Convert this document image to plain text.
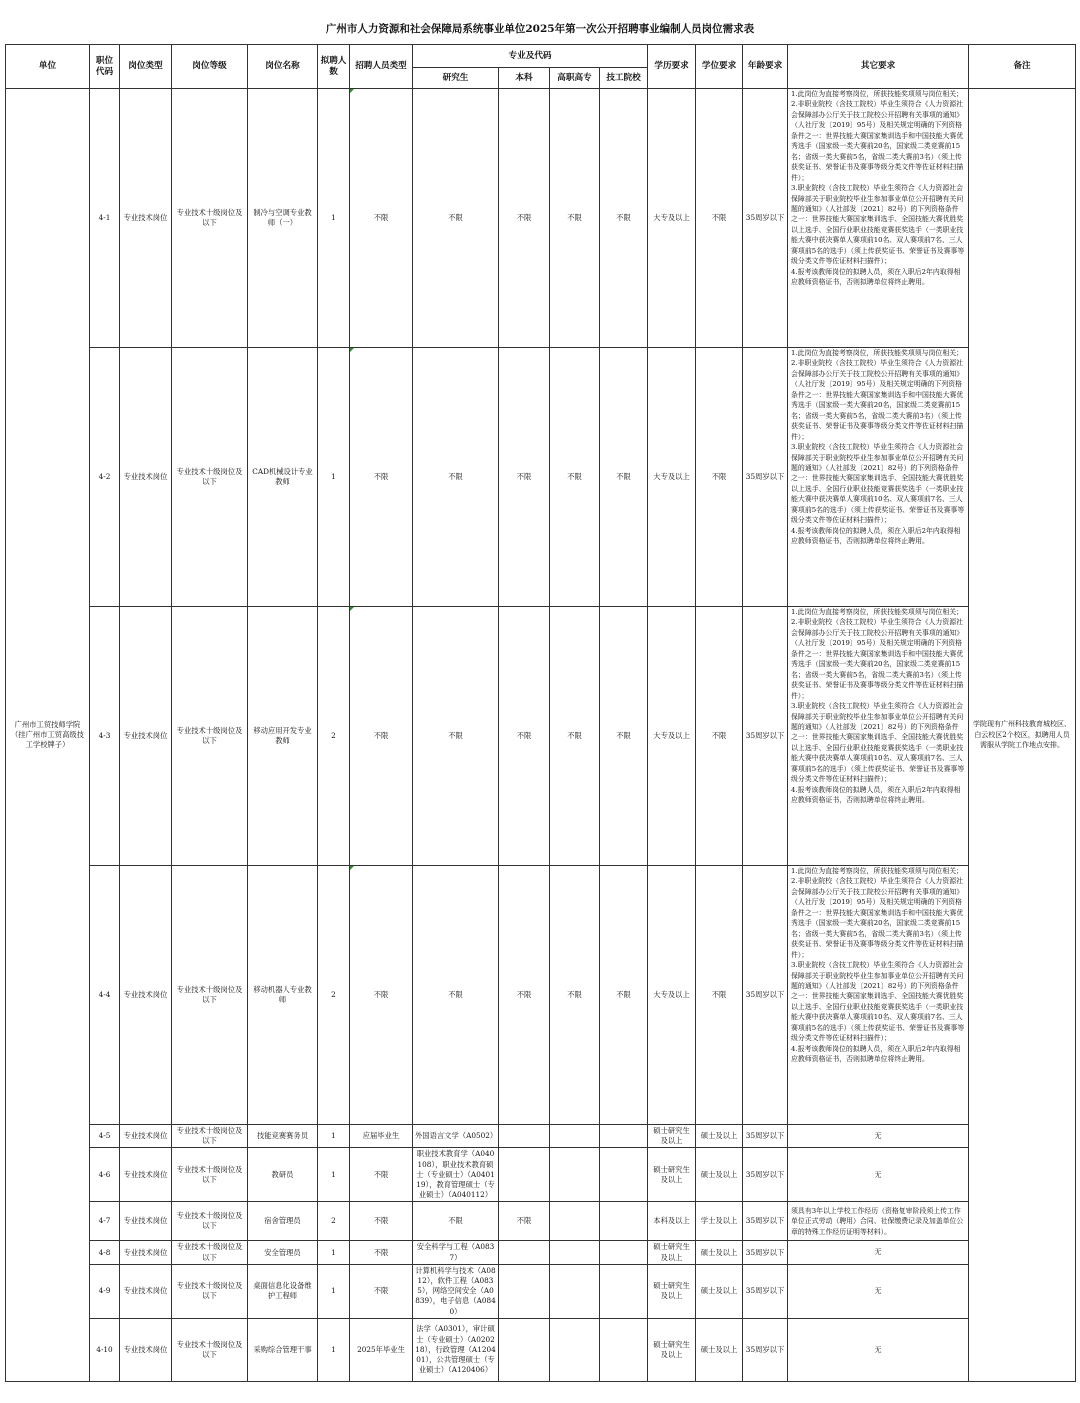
广州市人力资源和社会保障局系统事业单位2025年第一次公开招聘事业编制人员岗位需求表
单位	职位代码	岗位类型	岗位等级	岗位名称	拟聘人数	招聘人员类型	专业及代码				学历要求	学位要求	年龄要求	其它要求	备注
							研究生	本科	高职高专	技工院校					
广州市工贸技师学院（挂广州市工贸高级技工学校牌子）	4-1	专业技术岗位	专业技术十级岗位及以下	制冷与空调专业教师（一）	1	不限	不限	不限	不限	不限	大专及以上	不限	35周岁以下	1.此岗位为直接考察岗位，所获技能奖项须与岗位相关；
2.非职业院校（含技工院校）毕业生须符合《人力资源社会保障部办公厅关于技工院校公开招聘有关事项的通知》（人社厅发〔2019〕95号）及相关规定明确的下列资格条件之一：世界技能大赛国家集训选手和中国技能大赛优秀选手（国家级一类大赛前20名，国家级二类竞赛前15名；省级一类大赛前5名，省级二类大赛前3名）（须上传获奖证书、荣誉证书及赛事等级分类文件等佐证材料扫描件）；
3.职业院校（含技工院校）毕业生须符合《人力资源社会保障部关于职业院校毕业生参加事业单位公开招聘有关问题的通知》（人社部发〔2021〕82号）的下列资格条件之一：世界技能大赛国家集训选手、全国技能大赛优胜奖以上选手、全国行业职业技能竞赛获奖选手（一类职业技能大赛中获决赛单人赛项前10名、双人赛项前7名、三人赛项前5名的选手）（须上传获奖证书、荣誉证书及赛事等级分类文件等佐证材料扫描件）；
4.报考该教师岗位的拟聘人员，须在入职后2年内取得相应教师资格证书，否则拟聘单位将终止聘用。	学院现有广州科技教育城校区、白云校区2个校区，拟聘用人员需服从学院工作地点安排。
	4-2	专业技术岗位	专业技术十级岗位及以下	CAD机械设计专业教师	1	不限	不限	不限	不限	不限	大专及以上	不限	35周岁以下	1.此岗位为直接考察岗位，所获技能奖项须与岗位相关；
2.非职业院校（含技工院校）毕业生须符合《人力资源社会保障部办公厅关于技工院校公开招聘有关事项的通知》（人社厅发〔2019〕95号）及相关规定明确的下列资格条件之一：世界技能大赛国家集训选手和中国技能大赛优秀选手（国家级一类大赛前20名，国家级二类竞赛前15名；省级一类大赛前5名，省级二类大赛前3名）（须上传获奖证书、荣誉证书及赛事等级分类文件等佐证材料扫描件）；
3.职业院校（含技工院校）毕业生须符合《人力资源社会保障部关于职业院校毕业生参加事业单位公开招聘有关问题的通知》（人社部发〔2021〕82号）的下列资格条件之一：世界技能大赛国家集训选手、全国技能大赛优胜奖以上选手、全国行业职业技能竞赛获奖选手（一类职业技能大赛中获决赛单人赛项前10名、双人赛项前7名、三人赛项前5名的选手）（须上传获奖证书、荣誉证书及赛事等级分类文件等佐证材料扫描件）；
4.报考该教师岗位的拟聘人员，须在入职后2年内取得相应教师资格证书，否则拟聘单位将终止聘用。	

	4-3	专业技术岗位	专业技术十级岗位及以下	移动应用开发专业教师	2	不限	不限	不限	不限	不限	大专及以上	不限	35周岁以下	1.此岗位为直接考察岗位，所获技能奖项须与岗位相关；
2.非职业院校（含技工院校）毕业生须符合《人力资源社会保障部办公厅关于技工院校公开招聘有关事项的通知》（人社厅发〔2019〕95号）及相关规定明确的下列资格条件之一：世界技能大赛国家集训选手和中国技能大赛优秀选手（国家级一类大赛前20名，国家级二类竞赛前15名；省级一类大赛前5名，省级二类大赛前3名）（须上传获奖证书、荣誉证书及赛事等级分类文件等佐证材料扫描件）；
3.职业院校（含技工院校）毕业生须符合《人力资源社会保障部关于职业院校毕业生参加事业单位公开招聘有关问题的通知》（人社部发〔2021〕82号）的下列资格条件之一：世界技能大赛国家集训选手、全国技能大赛优胜奖以上选手、全国行业职业技能竞赛获奖选手（一类职业技能大赛中获决赛单人赛项前10名、双人赛项前7名、三人赛项前5名的选手）（须上传获奖证书、荣誉证书及赛事等级分类文件等佐证材料扫描件）；
4.报考该教师岗位的拟聘人员，须在入职后2年内取得相应教师资格证书，否则拟聘单位将终止聘用。	

	4-4	专业技术岗位	专业技术十级岗位及以下	移动机器人专业教师	2	不限	不限	不限	不限	不限	大专及以上	不限	35周岁以下	1.此岗位为直接考察岗位，所获技能奖项须与岗位相关；
2.非职业院校（含技工院校）毕业生须符合《人力资源社会保障部办公厅关于技工院校公开招聘有关事项的通知》（人社厅发〔2019〕95号）及相关规定明确的下列资格条件之一：世界技能大赛国家集训选手和中国技能大赛优秀选手（国家级一类大赛前20名，国家级二类竞赛前15名；省级一类大赛前5名，省级二类大赛前3名）（须上传获奖证书、荣誉证书及赛事等级分类文件等佐证材料扫描件）；
3.职业院校（含技工院校）毕业生须符合《人力资源社会保障部关于职业院校毕业生参加事业单位公开招聘有关问题的通知》（人社部发〔2021〕82号）的下列资格条件之一：世界技能大赛国家集训选手、全国技能大赛优胜奖以上选手、全国行业职业技能竞赛获奖选手（一类职业技能大赛中获决赛单人赛项前10名、双人赛项前7名、三人赛项前5名的选手）（须上传获奖证书、荣誉证书及赛事等级分类文件等佐证材料扫描件）；
4.报考该教师岗位的拟聘人员，须在入职后2年内取得相应教师资格证书，否则拟聘单位将终止聘用。	

	4-5	专业技术岗位	专业技术十级岗位及以下	技能竞赛赛务员	1	应届毕业生	外国语言文学（A0502）				硕士研究生及以上	硕士及以上	35周岁以下	无	
	4-6	专业技术岗位	专业技术十级岗位及以下	教研员	1	不限	职业技术教育学（A040108），职业技术教育硕士（专业硕士）（A040119），教育管理硕士（专业硕士）（A040112）				硕士研究生及以上	硕士及以上	35周岁以下	无	
	4-7	专业技术岗位	专业技术十级岗位及以下	宿舍管理员	2	不限	不限	不限			本科及以上	学士及以上	35周岁以下	须具有3年以上学校工作经历（资格复审阶段须上传工作单位正式劳动（聘用）合同、社保缴费记录及加盖单位公章的特殊工作经历证明等材料）。	
	4-8	专业技术岗位	专业技术十级岗位及以下	安全管理员	1	不限	安全科学与工程（A0837）				硕士研究生及以上	硕士及以上	35周岁以下	无	
	4-9	专业技术岗位	专业技术十级岗位及以下	桌面信息化设备维护工程师	1	不限	计算机科学与技术（A0812），软件工程（A0835），网络空间安全（A0839），电子信息（A0840）				硕士研究生及以上	硕士及以上	35周岁以下	无	
	4-10	专业技术岗位	专业技术十级岗位及以下	采购综合管理干事	1	2025年毕业生	法学（A0301），审计硕士（专业硕士）（A020218），行政管理（A120401），公共管理硕士（专业硕士）（A120406）				硕士研究生及以上	硕士及以上	35周岁以下	无	
